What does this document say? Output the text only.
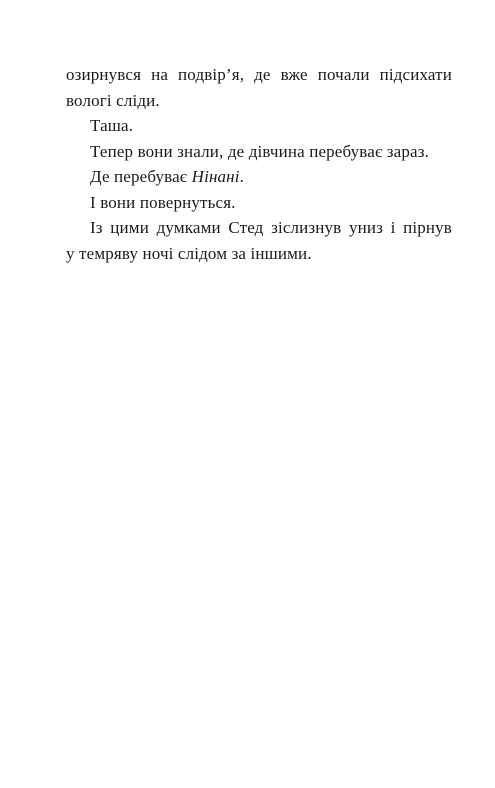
озирнувся на подвір’я, де вже почали підсихати
вологі сліди.

Таша.

Тепер вони знали, де дівчина перебуває зараз.

Де перебуває Нінані.

І вони повернуться.

Із цими думками Стед зіслизнув униз і пірнув
у темряву ночі слідом за іншими.
